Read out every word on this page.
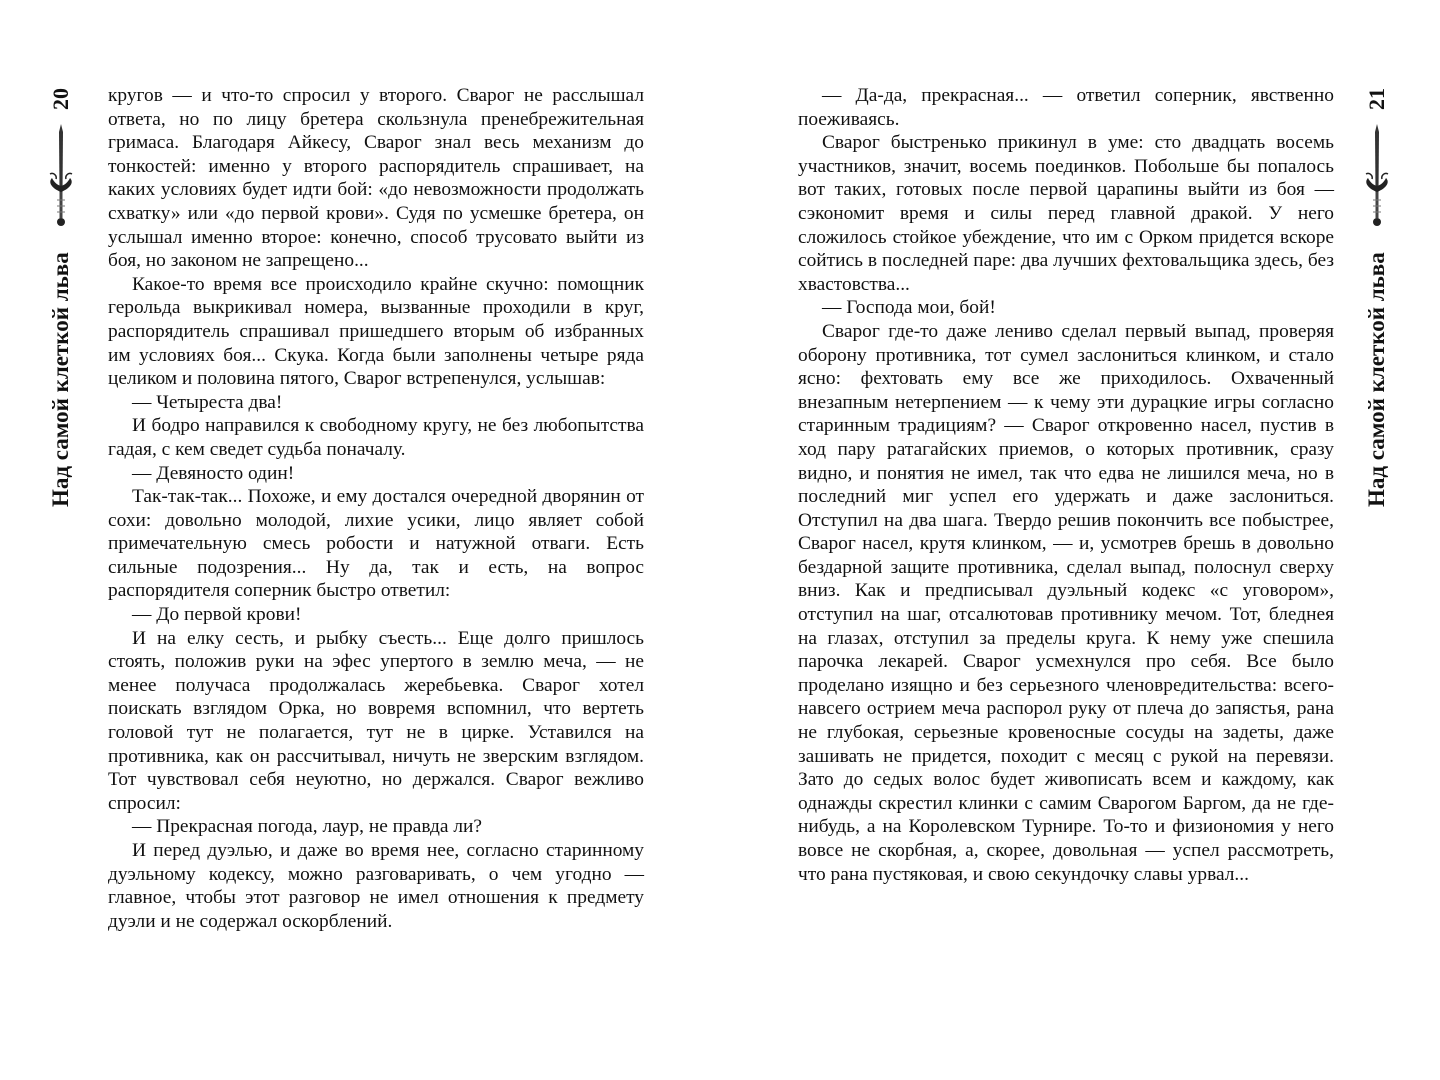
20
Над самой клеткой льва

кругов — и что-то спросил у второго. Сварог не расслышал ответа, но по лицу бретера скользнула пренебрежительная гримаса. Благодаря Айкесу, Сварог знал весь механизм до тонкостей: именно у второго распорядитель спрашивает, на каких условиях будет идти бой: «до невозможности продолжать схватку» или «до первой крови». Судя по усмешке бретера, он услышал именно второе: конечно, способ трусовато выйти из боя, но законом не запрещено...

Какое-то время все происходило крайне скучно: помощник герольда выкрикивал номера, вызванные проходили в круг, распорядитель спрашивал пришедшего вторым об избранных им условиях боя... Скука. Когда были заполнены четыре ряда целиком и половина пятого, Сварог встрепенулся, услышав:

— Четыреста два!

И бодро направился к свободному кругу, не без любопытства гадая, с кем сведет судьба поначалу.

— Девяносто один!

Так-так-так... Похоже, и ему достался очередной дворянин от сохи: довольно молодой, лихие усики, лицо являет собой примечательную смесь робости и натужной отваги. Есть сильные подозрения... Ну да, так и есть, на вопрос распорядителя соперник быстро ответил:

— До первой крови!

И на елку сесть, и рыбку съесть... Еще долго пришлось стоять, положив руки на эфес упертого в землю меча, — не менее получаса продолжалась жеребьевка. Сварог хотел поискать взглядом Орка, но вовремя вспомнил, что вертеть головой тут не полагается, тут не в цирке. Уставился на противника, как он рассчитывал, ничуть не зверским взглядом. Тот чувствовал себя неуютно, но держался. Сварог вежливо спросил:

— Прекрасная погода, лаур, не правда ли?

И перед дуэлью, и даже во время нее, согласно старинному дуэльному кодексу, можно разговаривать, о чем угодно — главное, чтобы этот разговор не имел отношения к предмету дуэли и не содержал оскорблений.

— Да-да, прекрасная... — ответил соперник, явственно поеживаясь.

Сварог быстренько прикинул в уме: сто двадцать восемь участников, значит, восемь поединков. Побольше бы попалось вот таких, готовых после первой царапины выйти из боя — сэкономит время и силы перед главной дракой. У него сложилось стойкое убеждение, что им с Орком придется вскоре сойтись в последней паре: два лучших фехтовальщика здесь, без хвастовства...

— Господа мои, бой!

Сварог где-то даже лениво сделал первый выпад, проверяя оборону противника, тот сумел заслониться клинком, и стало ясно: фехтовать ему все же приходилось. Охваченный внезапным нетерпением — к чему эти дурацкие игры согласно старинным традициям? — Сварог откровенно насел, пустив в ход пару ратагайских приемов, о которых противник, сразу видно, и понятия не имел, так что едва не лишился меча, но в последний миг успел его удержать и даже заслониться. Отступил на два шага. Твердо решив покончить все побыстрее, Сварог насел, крутя клинком, — и, усмотрев брешь в довольно бездарной защите противника, сделал выпад, полоснул сверху вниз. Как и предписывал дуэльный кодекс «с уговором», отступил на шаг, отсалютовав противнику мечом. Тот, бледнея на глазах, отступил за пределы круга. К нему уже спешила парочка лекарей. Сварог усмехнулся про себя. Все было проделано изящно и без серьезного членовредительства: всего-навсего острием меча распорол руку от плеча до запястья, рана не глубокая, серьезные кровеносные сосуды на задеты, даже зашивать не придется, походит с месяц с рукой на перевязи. Зато до седых волос будет живописать всем и каждому, как однажды скрестил клинки с самим Сварогом Баргом, да не где-нибудь, а на Королевском Турнире. То-то и физиономия у него вовсе не скорбная, а, скорее, довольная — успел рассмотреть, что рана пустяковая, и свою секундочку славы урвал...

21
Над самой клеткой льва
